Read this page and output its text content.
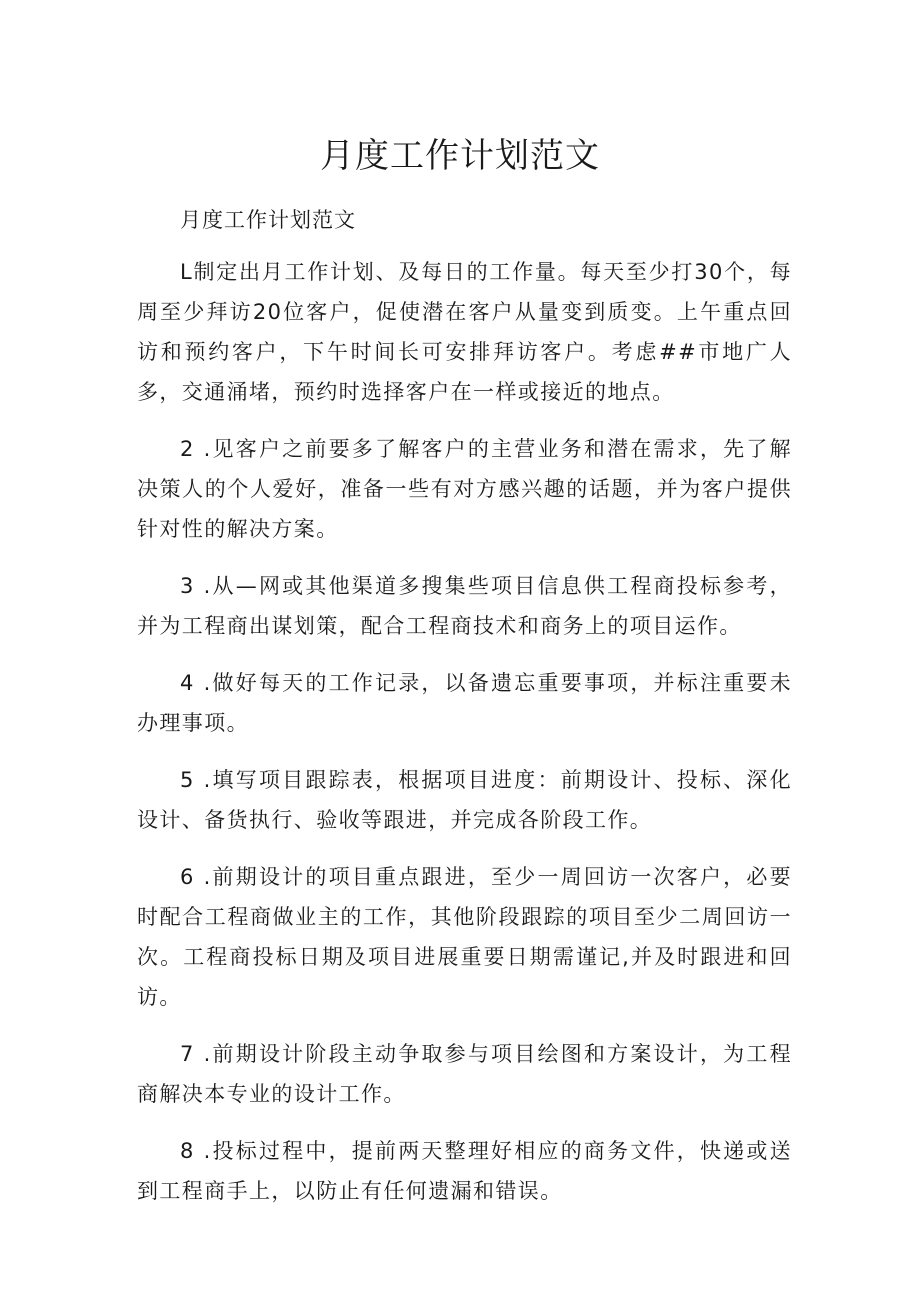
月度工作计划范文

月度工作计划范文

L制定出月工作计划、及每日的工作量。每天至少打30个，每周至少拜访20位客户，促使潜在客户从量变到质变。上午重点回访和预约客户，下午时间长可安排拜访客户。考虑##市地广人多，交通涌堵，预约时选择客户在一样或接近的地点。

2 .见客户之前要多了解客户的主营业务和潜在需求，先了解决策人的个人爱好，准备一些有对方感兴趣的话题，并为客户提供针对性的解决方案。

3 .从—网或其他渠道多搜集些项目信息供工程商投标参考，并为工程商出谋划策，配合工程商技术和商务上的项目运作。

4 .做好每天的工作记录，以备遗忘重要事项，并标注重要未办理事项。

5 .填写项目跟踪表，根据项目进度：前期设计、投标、深化设计、备货执行、验收等跟进，并完成各阶段工作。

6 .前期设计的项目重点跟进，至少一周回访一次客户，必要时配合工程商做业主的工作，其他阶段跟踪的项目至少二周回访一次。工程商投标日期及项目进展重要日期需谨记,并及时跟进和回访。

7 .前期设计阶段主动争取参与项目绘图和方案设计，为工程商解决本专业的设计工作。

8 .投标过程中，提前两天整理好相应的商务文件，快递或送到工程商手上，以防止有任何遗漏和错误。
